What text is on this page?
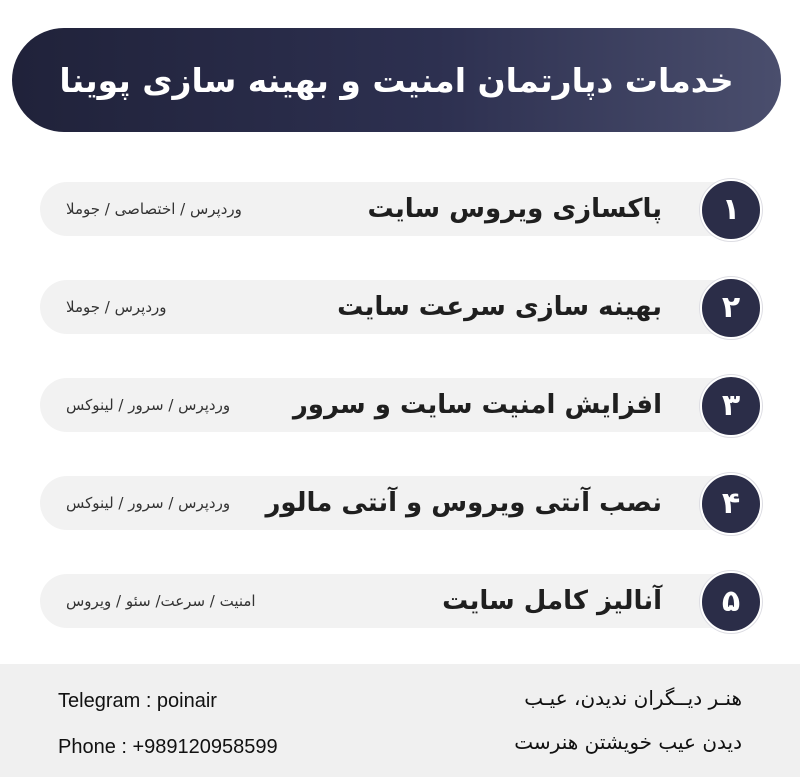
خدمات دپارتمان امنیت و بهینه سازی پوینا
۱
پاکسازی ویروس سایت
وردپرس / اختصاصی / جوملا
۲
بهینه سازی سرعت سایت
وردپرس / جوملا
۳
افزایش امنیت سایت و سرور
وردپرس / سرور / لینوکس
۴
نصب آنتی ویروس و آنتی مالور
وردپرس / سرور / لینوکس
۵
آنالیز کامل سایت
امنیت / سرعت/ سئو / ویروس
Telegram : poinair
Phone : +989120958599
هنـر دیــگران ندیدن، عیـب
دیدن عیب خویشتن هنرست
